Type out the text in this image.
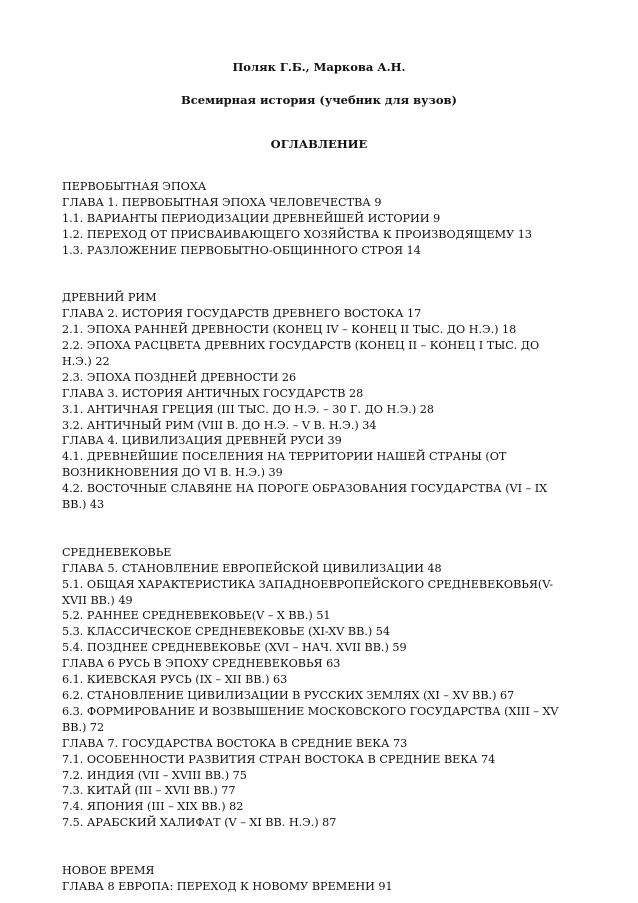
Поляк Г.Б., Маркова А.Н.
Всемирная история (учебник для вузов)
ОГЛАВЛЕНИЕ
ПЕРВОБЫТНАЯ ЭПОХА
ГЛАВА 1. ПЕРВОБЫТНАЯ ЭПОХА ЧЕЛОВЕЧЕСТВА 9
1.1. ВАРИАНТЫ ПЕРИОДИЗАЦИИ ДРЕВНЕЙШЕЙ ИСТОРИИ 9
1.2. ПЕРЕХОД ОТ ПРИСВАИВАЮЩЕГО ХОЗЯЙСТВА К ПРОИЗВОДЯЩЕМУ 13
1.3. РАЗЛОЖЕНИЕ ПЕРВОБЫТНО-ОБЩИННОГО СТРОЯ 14
ДРЕВНИЙ РИМ
ГЛАВА 2. ИСТОРИЯ ГОСУДАРСТВ ДРЕВНЕГО ВОСТОКА 17
2.1. ЭПОХА РАННЕЙ ДРЕВНОСТИ (КОНЕЦ IV – КОНЕЦ II ТЫС. ДО Н.Э.) 18
2.2. ЭПОХА РАСЦВЕТА ДРЕВНИХ ГОСУДАРСТВ (КОНЕЦ II – КОНЕЦ I ТЫС. ДО
Н.Э.) 22
2.3. ЭПОХА ПОЗДНЕЙ ДРЕВНОСТИ 26
ГЛАВА 3. ИСТОРИЯ АНТИЧНЫХ ГОСУДАРСТВ 28
3.1. АНТИЧНАЯ ГРЕЦИЯ (III ТЫС. ДО Н.Э. – 30 Г. ДО Н.Э.) 28
3.2. АНТИЧНЫЙ РИМ (VIII В. ДО Н.Э. – V В. Н.Э.) 34
ГЛАВА 4. ЦИВИЛИЗАЦИЯ ДРЕВНЕЙ РУСИ 39
4.1. ДРЕВНЕЙШИЕ ПОСЕЛЕНИЯ НА ТЕРРИТОРИИ НАШЕЙ СТРАНЫ (ОТ
ВОЗНИКНОВЕНИЯ ДО VI В. Н.Э.) 39
4.2. ВОСТОЧНЫЕ СЛАВЯНЕ НА ПОРОГЕ ОБРАЗОВАНИЯ ГОСУДАРСТВА (VI – IX
ВВ.) 43
СРЕДНЕВЕКОВЬЕ
ГЛАВА 5. СТАНОВЛЕНИЕ ЕВРОПЕЙСКОЙ ЦИВИЛИЗАЦИИ 48
5.1. ОБЩАЯ ХАРАКТЕРИСТИКА ЗАПАДНОЕВРОПЕЙСКОГО СРЕДНЕВЕКОВЬЯ(V-
XVII ВВ.) 49
5.2. РАННЕЕ СРЕДНЕВЕКОВЬЕ(V – X ВВ.) 51
5.3. КЛАССИЧЕСКОЕ СРЕДНЕВЕКОВЬЕ (XI-XV ВВ.) 54
5.4. ПОЗДНЕЕ СРЕДНЕВЕКОВЬЕ (XVI – НАЧ. XVII ВВ.) 59
ГЛАВА 6 РУСЬ В ЭПОХУ СРЕДНЕВЕКОВЬЯ 63
6.1. КИЕВСКАЯ РУСЬ (IX – XII ВВ.) 63
6.2. СТАНОВЛЕНИЕ ЦИВИЛИЗАЦИИ В РУССКИХ ЗЕМЛЯХ (XI – XV ВВ.) 67
6.3. ФОРМИРОВАНИЕ И ВОЗВЫШЕНИЕ МОСКОВСКОГО ГОСУДАРСТВА (XIII – XV
ВВ.) 72
ГЛАВА 7. ГОСУДАРСТВА ВОСТОКА В СРЕДНИЕ ВЕКА 73
7.1. ОСОБЕННОСТИ РАЗВИТИЯ СТРАН ВОСТОКА В СРЕДНИЕ ВЕКА 74
7.2. ИНДИЯ (VII – XVIII ВВ.) 75
7.3. КИТАЙ (III – XVII ВВ.) 77
7.4. ЯПОНИЯ (III – XIX ВВ.) 82
7.5. АРАБСКИЙ ХАЛИФАТ (V – XI ВВ. Н.Э.) 87
НОВОЕ ВРЕМЯ
ГЛАВА 8 ЕВРОПА: ПЕРЕХОД К НОВОМУ ВРЕМЕНИ 91
